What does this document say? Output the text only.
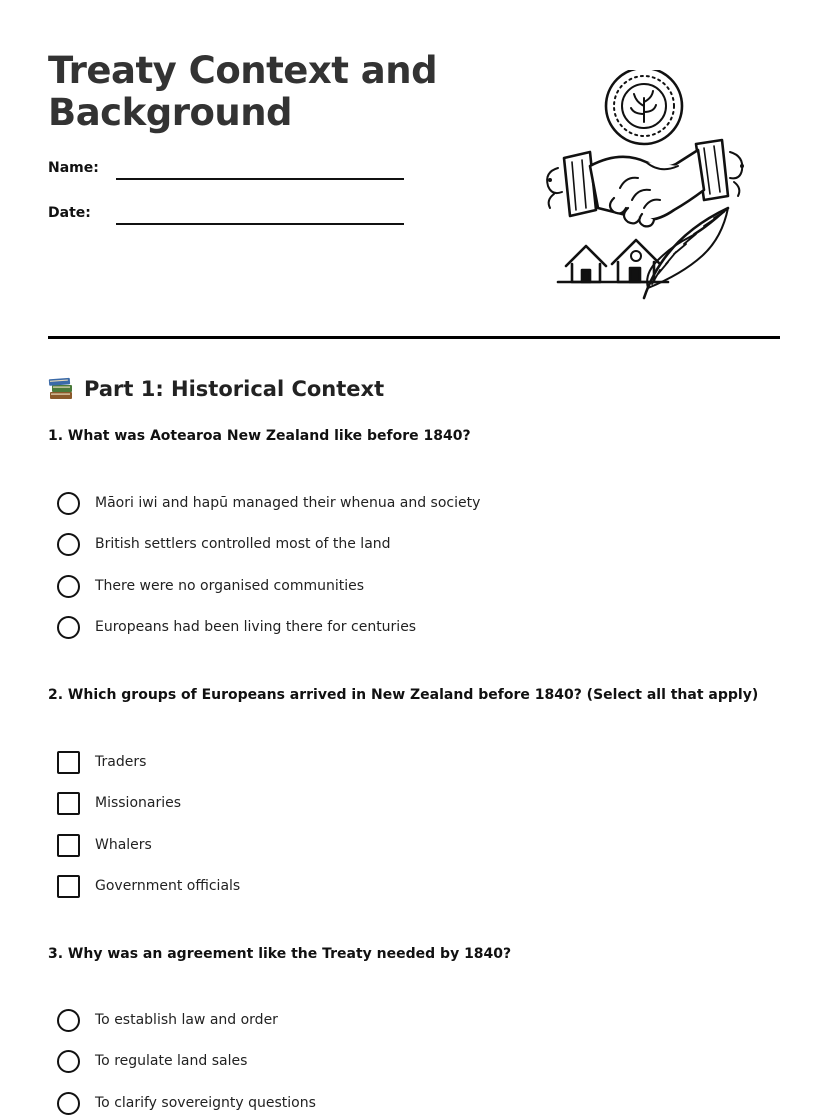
Treaty Context and Background
Name:
Date:
Part 1: Historical Context
1. What was Aotearoa New Zealand like before 1840?
Māori iwi and hapū managed their whenua and society
British settlers controlled most of the land
There were no organised communities
Europeans had been living there for centuries
2. Which groups of Europeans arrived in New Zealand before 1840? (Select all that apply)
Traders
Missionaries
Whalers
Government officials
3. Why was an agreement like the Treaty needed by 1840?
To establish law and order
To regulate land sales
To clarify sovereignty questions
